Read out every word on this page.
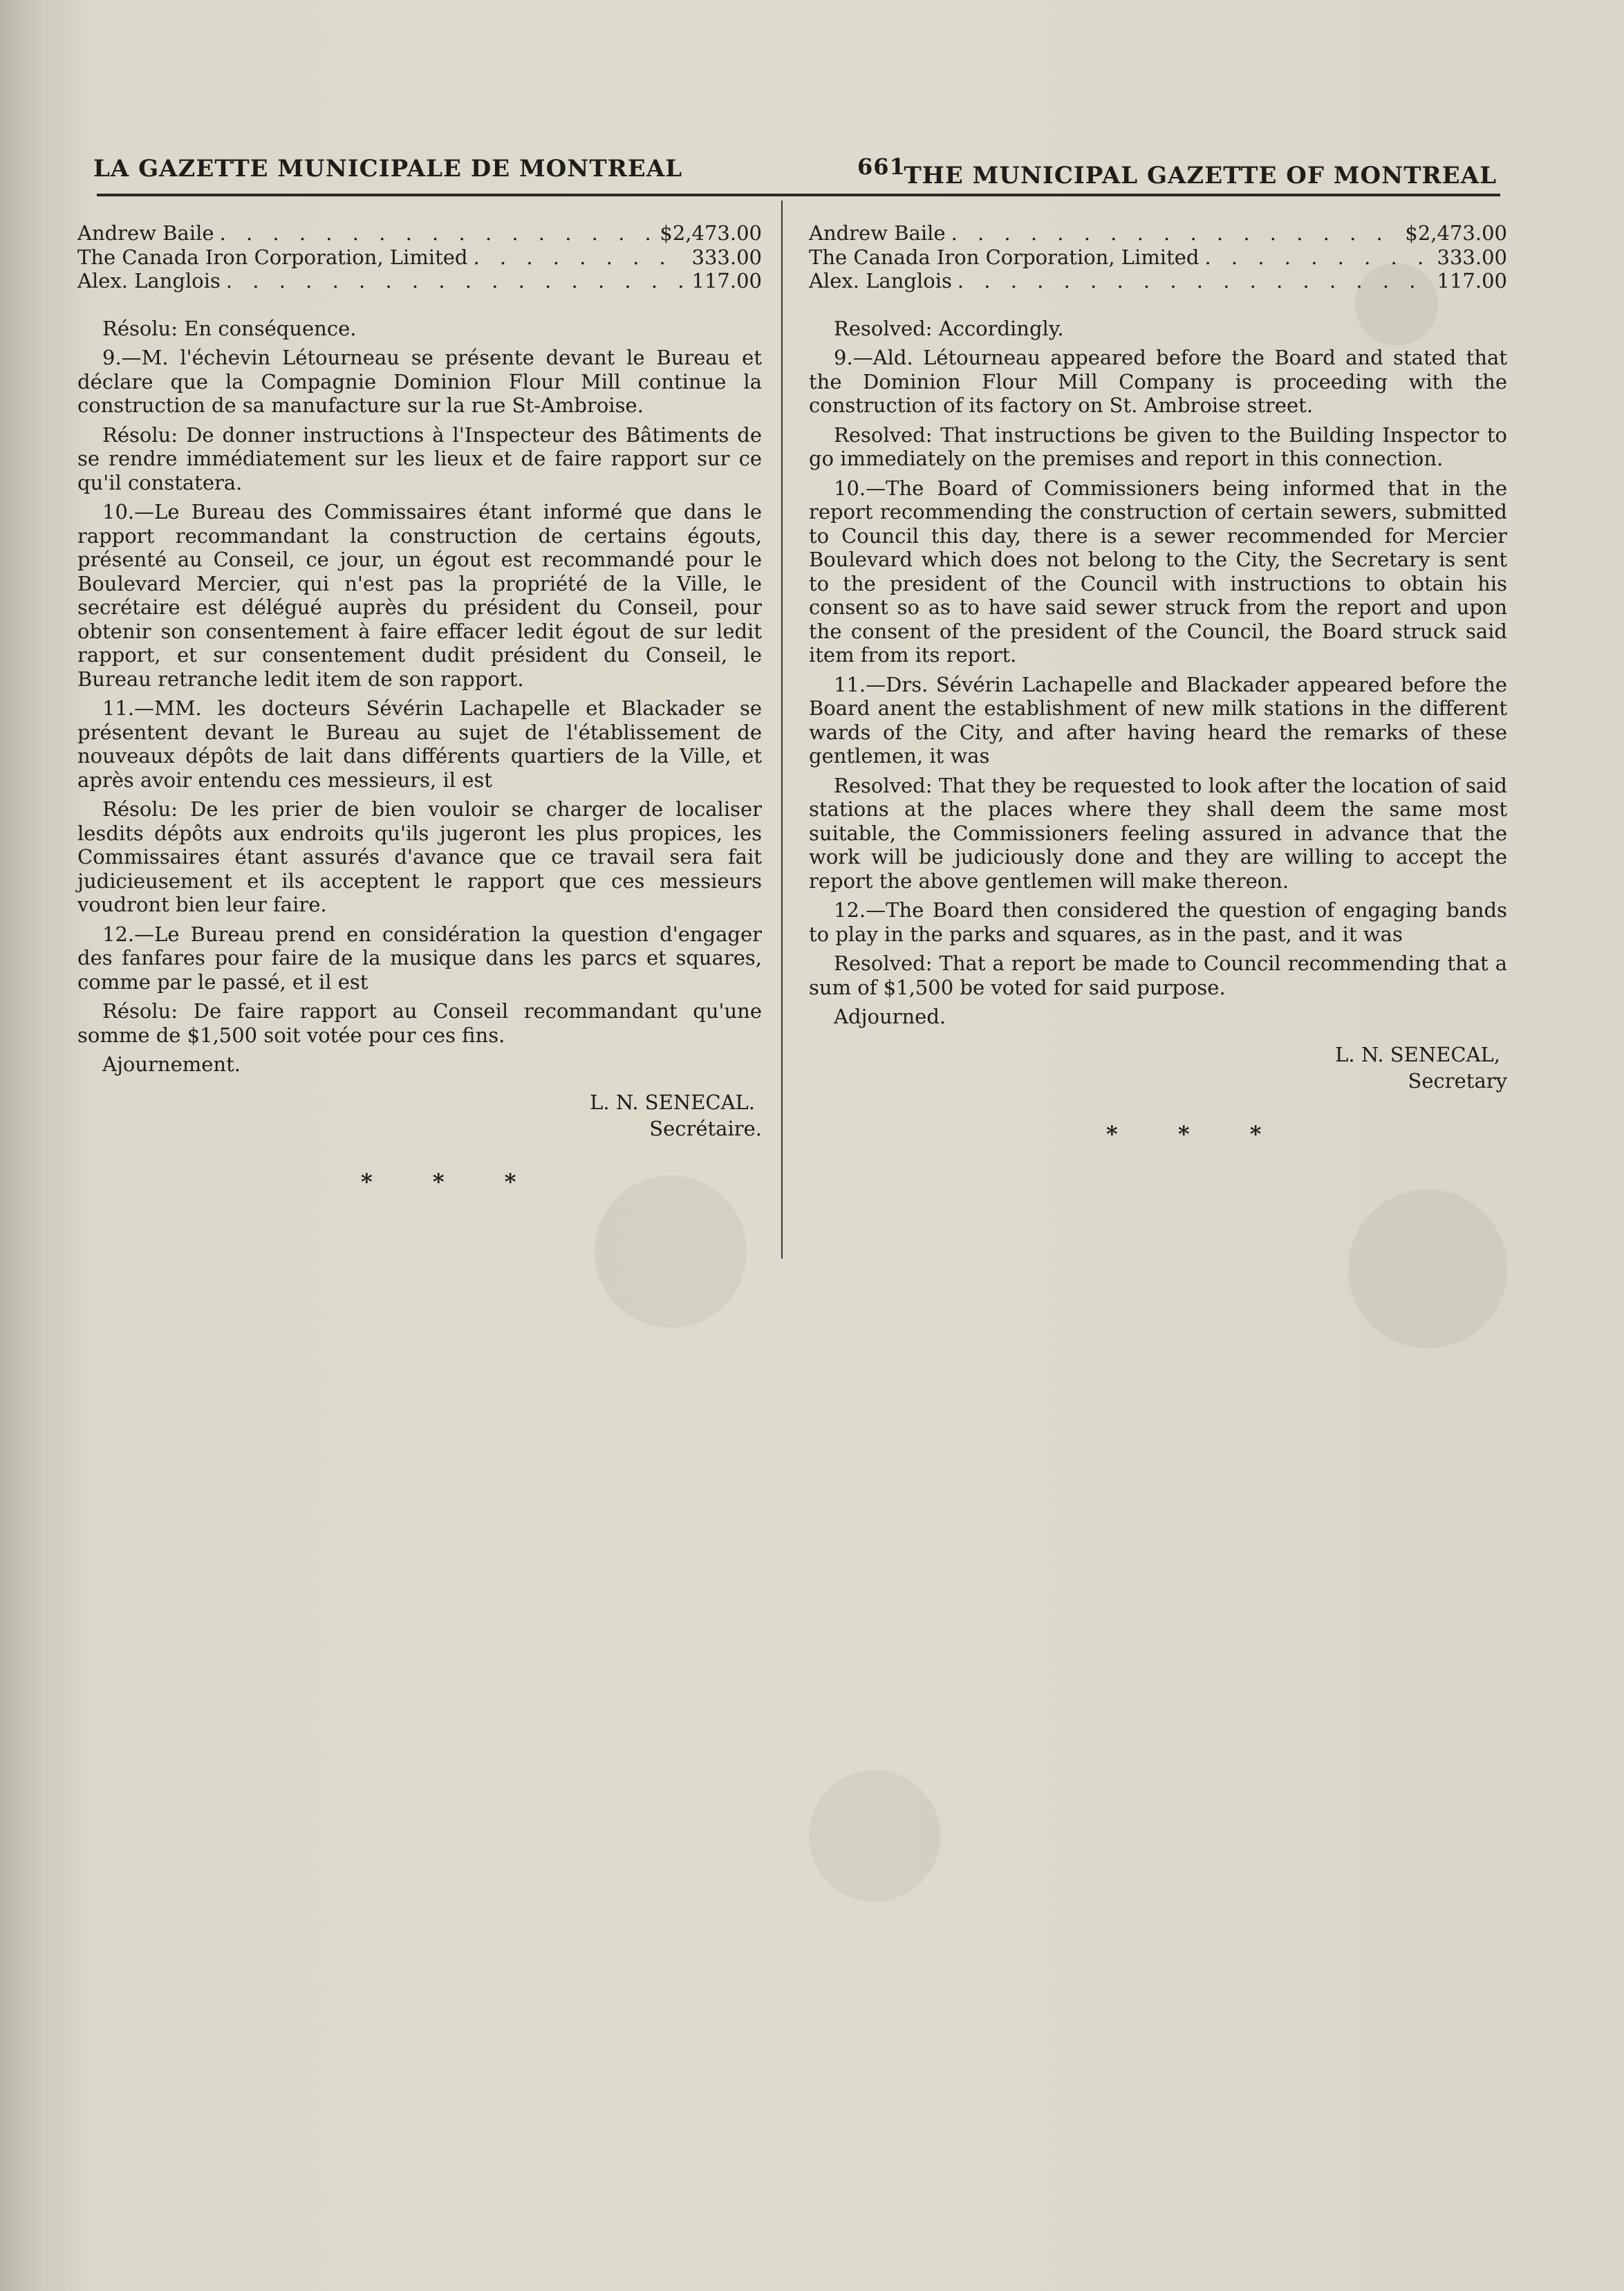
LA GAZETTE MUNICIPALE DE MONTREAL	661
THE MUNICIPAL GAZETTE OF MONTREAL
Andrew Baile . . .	$2,473.00
The Canada Iron Corporation, Limited . . .	333.00
Alex. Langlois . . .	117.00

Résolu: En conséquence.

9.—M. l'échevin Létourneau se présente devant le Bureau et déclare que la Compagnie Dominion Flour Mill continue la construction de sa manufacture sur la rue St-Ambroise.

Résolu: De donner instructions à l'Inspecteur des Bâtiments de se rendre immédiatement sur les lieux et de faire rapport sur ce qu'il constatera.

10.—Le Bureau des Commissaires étant informé que dans le rapport recommandant la construction de certains égouts, présenté au Conseil, ce jour, un égout est recommandé pour le Boulevard Mercier, qui n'est pas la propriété de la Ville, le secrétaire est délégué auprès du président du Conseil, pour obtenir son consentement à faire effacer ledit égout de sur ledit rapport, et sur consentement dudit président du Conseil, le Bureau retranche ledit item de son rapport.

11.—MM. les docteurs Sévérin Lachapelle et Blackader se présentent devant le Bureau au sujet de l'établissement de nouveaux dépôts de lait dans différents quartiers de la Ville, et après avoir entendu ces messieurs, il est

Résolu: De les prier de bien vouloir se charger de localiser lesdits dépôts aux endroits qu'ils jugeront les plus propices, les Commissaires étant assurés d'avance que ce travail sera fait judicieusement et ils acceptent le rapport que ces messieurs voudront bien leur faire.

12.—Le Bureau prend en considération la question d'engager des fanfares pour faire de la musique dans les parcs et squares, comme par le passé, et il est

Résolu: De faire rapport au Conseil recommandant qu'une somme de $1,500 soit votée pour ces fins.

Ajournement.

L. N. SENECAL.
Secrétaire.
* * *
Andrew Baile . . .	$2,473.00
The Canada Iron Corporation, Limited . . .	333.00
Alex. Langlois . . .	117.00

Resolved: Accordingly.

9.—Ald. Létourneau appeared before the Board and stated that the Dominion Flour Mill Company is proceeding with the construction of its factory on St. Ambroise street.

Resolved: That instructions be given to the Building Inspector to go immediately on the premises and report in this connection.

10.—The Board of Commissioners being informed that in the report recommending the construction of certain sewers, submitted to Council this day, there is a sewer recommended for Mercier Boulevard which does not belong to the City, the Secretary is sent to the president of the Council with instructions to obtain his consent so as to have said sewer struck from the report and upon the consent of the president of the Council, the Board struck said item from its report.

11.—Drs. Sévérin Lachapelle and Blackader appeared before the Board anent the establishment of new milk stations in the different wards of the City, and after having heard the remarks of these gentlemen, it was

Resolved: That they be requested to look after the location of said stations at the places where they shall deem the same most suitable, the Commissioners feeling assured in advance that the work will be judiciously done and they are willing to accept the report the above gentlemen will make thereon.

12.—The Board then considered the question of engaging bands to play in the parks and squares, as in the past, and it was

Resolved: That a report be made to Council recommending that a sum of $1,500 be voted for said purpose.

Adjourned.

L. N. SENECAL,
Secretary
* * *
